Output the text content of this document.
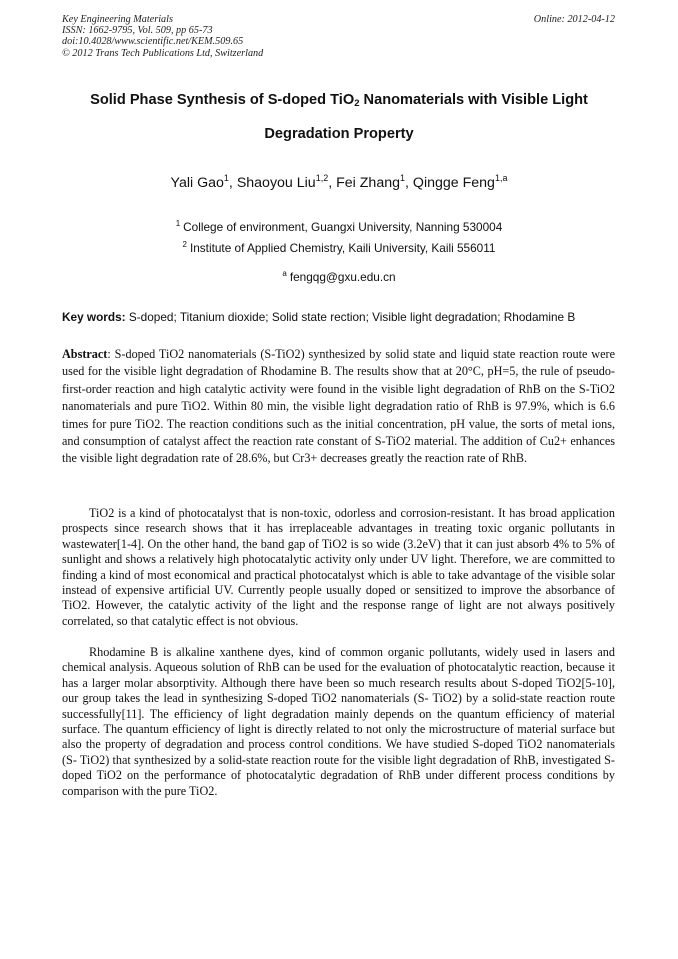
Key Engineering Materials
ISSN: 1662-9795, Vol. 509, pp 65-73
doi:10.4028/www.scientific.net/KEM.509.65
© 2012 Trans Tech Publications Ltd, Switzerland
Online: 2012-04-12
Solid Phase Synthesis of S-doped TiO$_2$ Nanomaterials with Visible Light
Degradation Property
Yali Gao$^1$, Shaoyou Liu$^{1,2}$, Fei Zhang$^1$, Qingge Feng$^{1,a}$
$^1$ College of environment, Guangxi University, Nanning 530004
$^2$ Institute of Applied Chemistry, Kaili University, Kaili 556011
$^a$ fengqg@gxu.edu.cn
Key words: S-doped; Titanium dioxide; Solid state rection; Visible light degradation; Rhodamine B
Abstract: S-doped TiO2 nanomaterials (S-TiO2) synthesized by solid state and liquid state reaction route were used for the visible light degradation of Rhodamine B. The results show that at 20°C, pH=5, the rule of pseudo-first-order reaction and high catalytic activity were found in the visible light degradation of RhB on the S-TiO2 nanomaterials and pure TiO2. Within 80 min, the visible light degradation ratio of RhB is 97.9%, which is 6.6 times for pure TiO2. The reaction conditions such as the initial concentration, pH value, the sorts of metal ions, and consumption of catalyst affect the reaction rate constant of S-TiO2 material. The addition of Cu2+ enhances the visible light degradation rate of 28.6%, but Cr3+ decreases greatly the reaction rate of RhB.
TiO2 is a kind of photocatalyst that is non-toxic, odorless and corrosion-resistant. It has broad application prospects since research shows that it has irreplaceable advantages in treating toxic organic pollutants in wastewater[1-4]. On the other hand, the band gap of TiO2 is so wide (3.2eV) that it can just absorb 4% to 5% of sunlight and shows a relatively high photocatalytic activity only under UV light. Therefore, we are committed to finding a kind of most economical and practical photocatalyst which is able to take advantage of the visible solar instead of expensive artificial UV. Currently people usually doped or sensitized to improve the absorbance of TiO2. However, the catalytic activity of the light and the response range of light are not always positively correlated, so that catalytic effect is not obvious.
Rhodamine B is alkaline xanthene dyes, kind of common organic pollutants, widely used in lasers and chemical analysis. Aqueous solution of RhB can be used for the evaluation of photocatalytic reaction, because it has a larger molar absorptivity. Although there have been so much research results about S-doped TiO2[5-10], our group takes the lead in synthesizing S-doped TiO2 nanomaterials (S- TiO2) by a solid-state reaction route successfully[11]. The efficiency of light degradation mainly depends on the quantum efficiency of material surface. The quantum efficiency of light is directly related to not only the microstructure of material surface but also the property of degradation and process control conditions. We have studied S-doped TiO2 nanomaterials (S- TiO2) that synthesized by a solid-state reaction route for the visible light degradation of RhB, investigated S-doped TiO2 on the performance of photocatalytic degradation of RhB under different process conditions by comparison with the pure TiO2.
